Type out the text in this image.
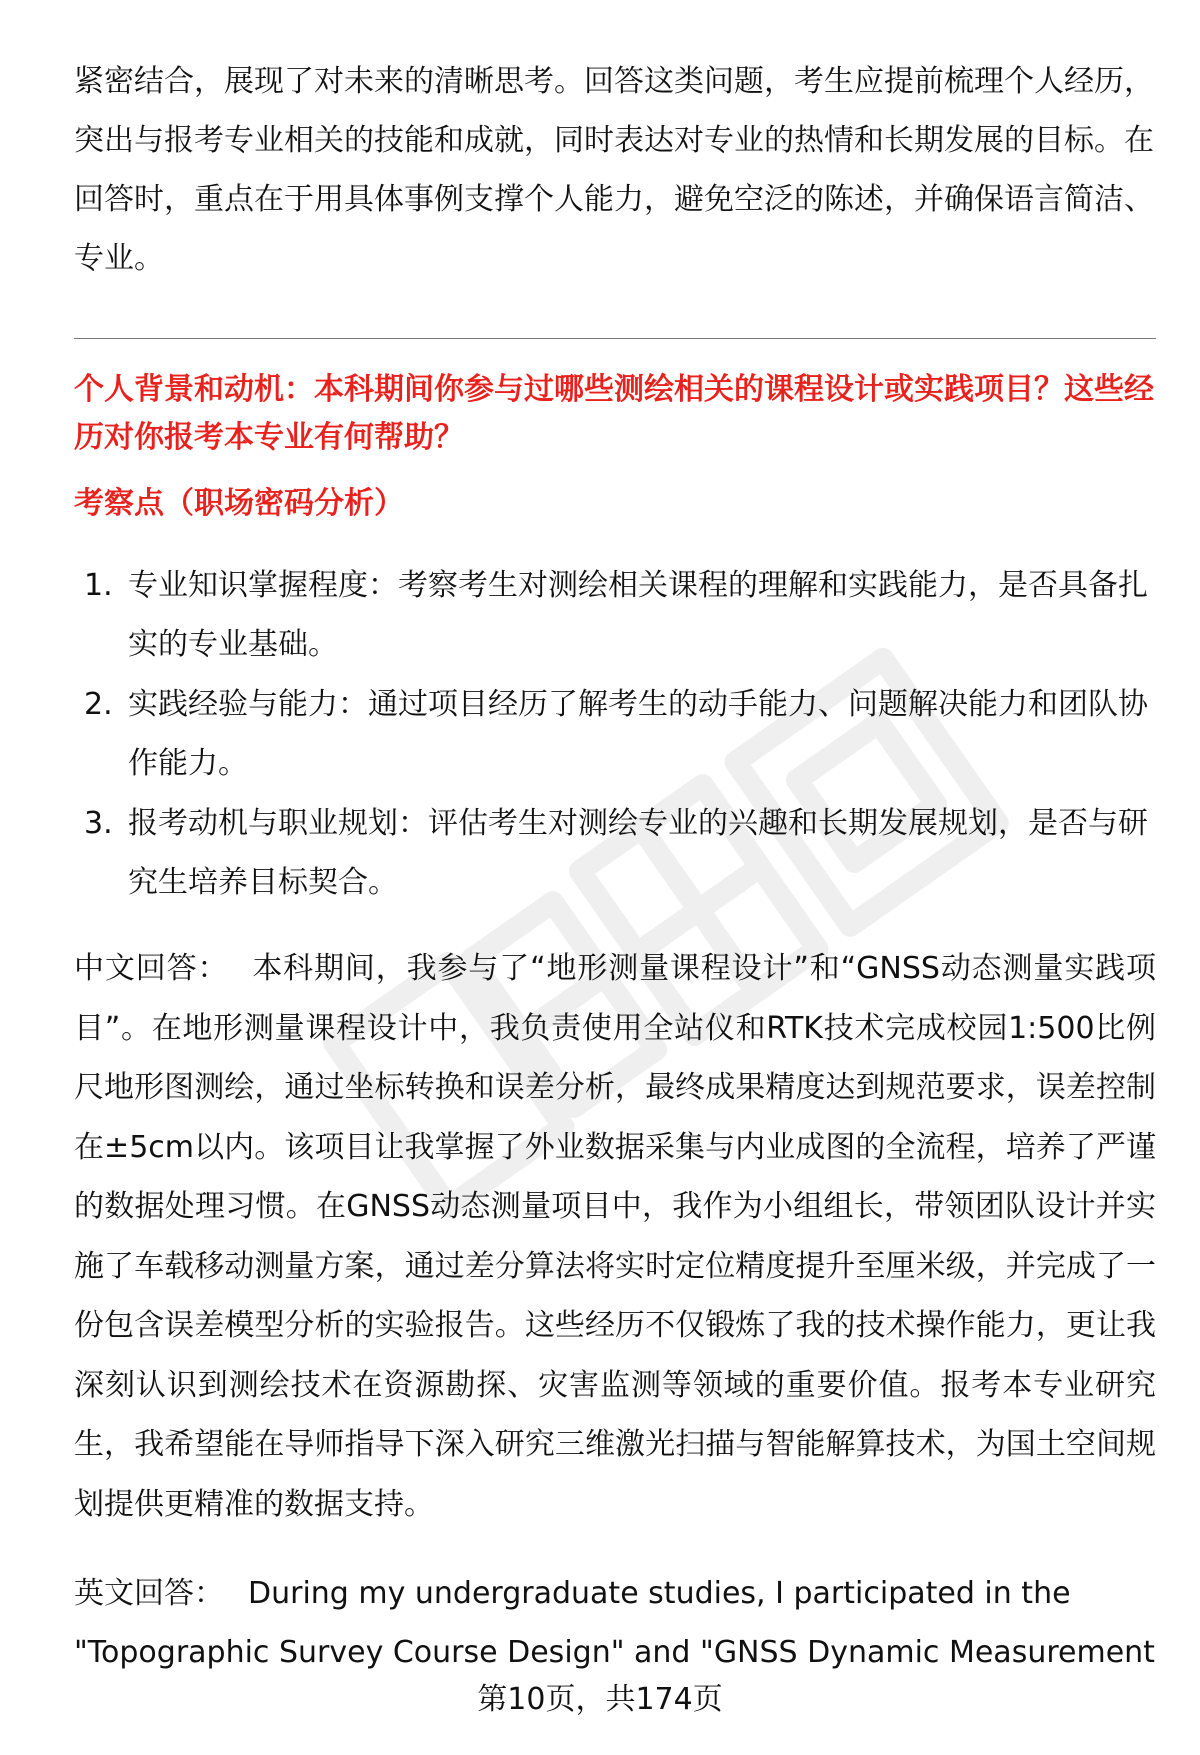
紧密结合，展现了对未来的清晰思考。回答这类问题，考生应提前梳理个人经历，突出与报考专业相关的技能和成就，同时表达对专业的热情和长期发展的目标。在回答时，重点在于用具体事例支撑个人能力，避免空泛的陈述，并确保语言简洁、专业。

个人背景和动机：本科期间你参与过哪些测绘相关的课程设计或实践项目？这些经历对你报考本专业有何帮助？

考察点（职场密码分析）

1. 专业知识掌握程度：考察考生对测绘相关课程的理解和实践能力，是否具备扎实的专业基础。
2. 实践经验与能力：通过项目经历了解考生的动手能力、问题解决能力和团队协作能力。
3. 报考动机与职业规划：评估考生对测绘专业的兴趣和长期发展规划，是否与研究生培养目标契合。

中文回答： 本科期间，我参与了“地形测量课程设计”和“GNSS动态测量实践项目”。在地形测量课程设计中，我负责使用全站仪和RTK技术完成校园1:500比例尺地形图测绘，通过坐标转换和误差分析，最终成果精度达到规范要求，误差控制在±5cm以内。该项目让我掌握了外业数据采集与内业成图的全流程，培养了严谨的数据处理习惯。在GNSS动态测量项目中，我作为小组组长，带领团队设计并实施了车载移动测量方案，通过差分算法将实时定位精度提升至厘米级，并完成了一份包含误差模型分析的实验报告。这些经历不仅锻炼了我的技术操作能力，更让我深刻认识到测绘技术在资源勘探、灾害监测等领域的重要价值。报考本专业研究生，我希望能在导师指导下深入研究三维激光扫描与智能解算技术，为国土空间规划提供更精准的数据支持。

英文回答： During my undergraduate studies, I participated in the "Topographic Survey Course Design" and "GNSS Dynamic Measurement

第10页，共174页
